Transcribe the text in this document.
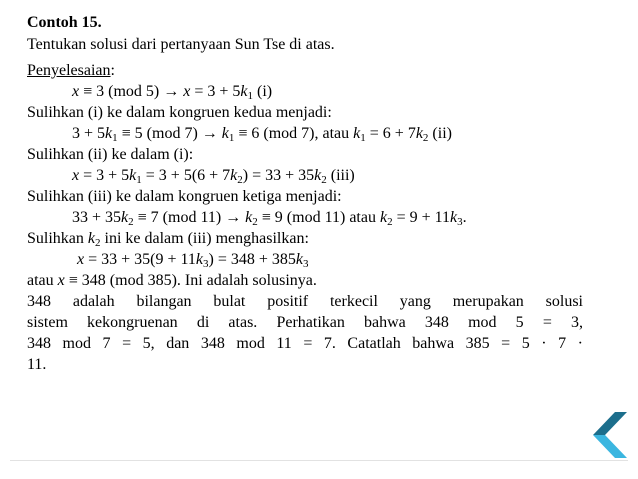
Contoh 15.
Tentukan solusi dari pertanyaan Sun Tse di atas.
Penyelesaian:
x ≡ 3 (mod $5) \to x = 3 + 5k_1$ (i)
Sulihkan (i) ke dalam kongruen kedua menjadi:
$3 + 5k_1 \equiv 5$ (mod $7) \to k_1 \equiv 6$ (mod 7), atau $k_1 = 6 + 7k_2$ (ii)
Sulihkan (ii) ke dalam (i):
$x = 3 + 5k_1 = 3 + 5(6 + 7k_2) = 33 + 35k_2$ (iii)
Sulihkan (iii) ke dalam kongruen ketiga menjadi:
$33 + 35k_2 \equiv 7$ (mod $11) \to k_2 \equiv 9$ (mod 11) atau $k_2 = 9 + 11k_3$.
Sulihkan $k_2$ ini ke dalam (iii) menghasilkan:
$x = 33 + 35(9 + 11k_3) = 348 + 385k_3$
atau x ≡ 348 (mod 385). Ini adalah solusinya.
348 adalah bilangan bulat positif terkecil yang merupakan solusi
sistem kekongruenan di atas. Perhatikan bahwa 348 mod 5 = 3,
348 mod 7 = 5, dan 348 mod 11 = 7. Catatlah bahwa 385 = 5 · 7 ·
11.
